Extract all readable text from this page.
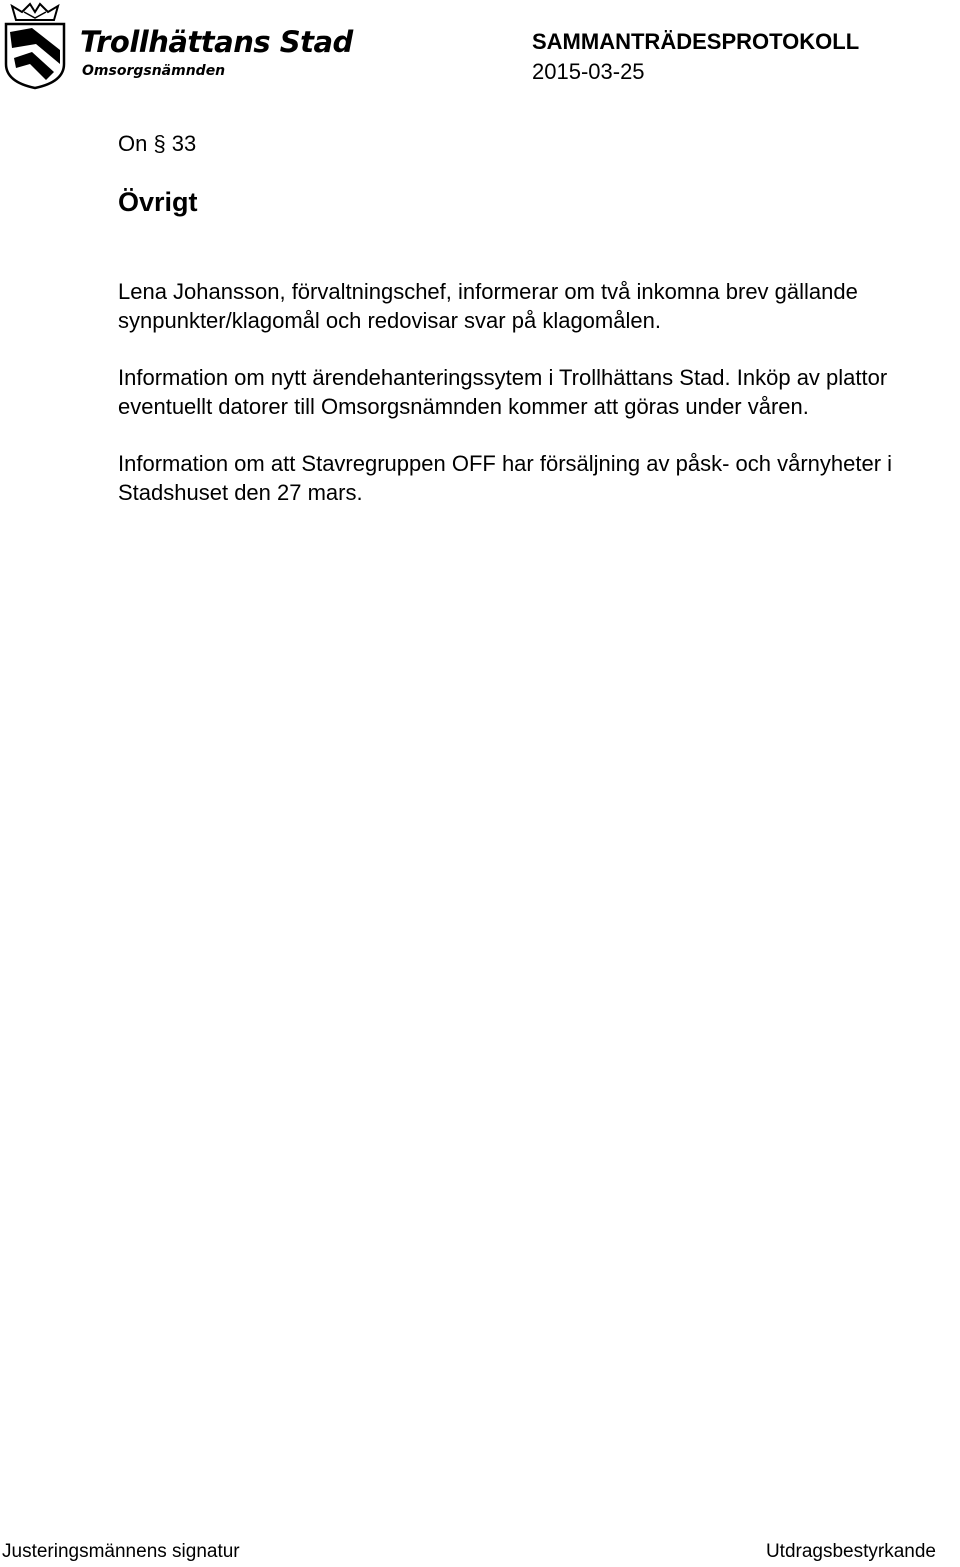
Trollhättans Stad
Omsorgsnämnden
SAMMANTRÄDESPROTOKOLL
2015-03-25
On § 33
Övrigt

Lena Johansson, förvaltningschef, informerar om två inkomna brev gällande synpunkter/klagomål och redovisar svar på klagomålen.

Information om nytt ärendehanteringssytem i Trollhättans Stad. Inköp av plattor eventuellt datorer till Omsorgsnämnden kommer att göras under våren.

Information om att Stavregruppen OFF har försäljning av påsk- och vårnyheter i Stadshuset den 27 mars.

Justeringsmännens signatur	Utdragsbestyrkande
